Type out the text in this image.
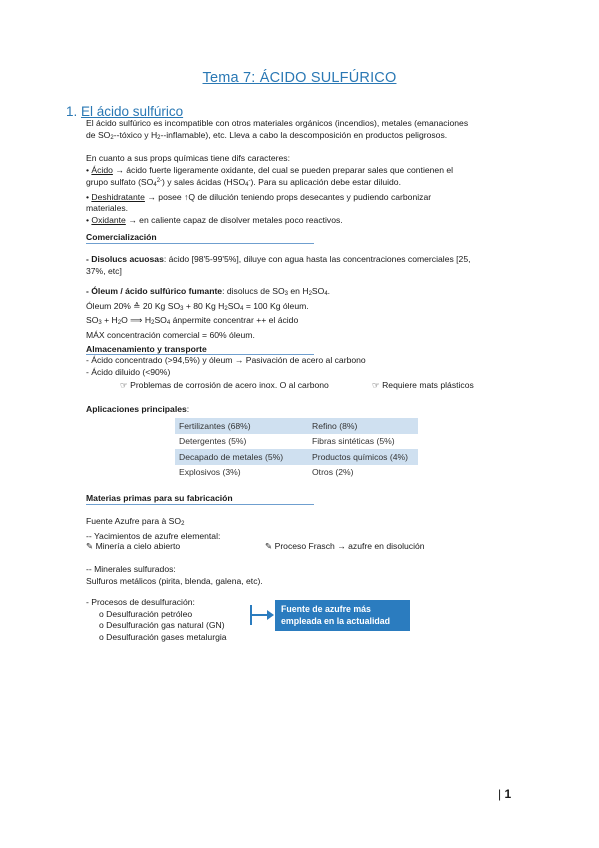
Tema 7: ÁCIDO SULFÚRICO
1. El ácido sulfúrico
El ácido sulfúrico es incompatible con otros materiales orgánicos (incendios), metales (emanaciones
de SO2--tóxico y H2--inflamable), etc. Lleva a cabo la descomposición en productos peligrosos.
En cuanto a sus props químicas tiene difs caracteres:
• Ácido → ácido fuerte ligeramente oxidante, del cual se pueden preparar sales que contienen el
grupo sulfato $(SO4^{2-})$ y sales ácidas (HSO4-). Para su aplicación debe estar diluido.
• Deshidratante → posee ↑Q de dilución teniendo props desecantes y pudiendo carbonizar
materiales.
• Oxidante → en caliente capaz de disolver metales poco reactivos.
Comercialización
- Disolucs acuosas: ácido [98'5-99'5%], diluye con agua hasta las concentraciones comerciales [25,
37%, etc]
- Óleum / ácido sulfúrico fumante: disolucs de SO3 en H2SO4.
Óleum 20% ≙ 20 Kg SO3 + 80 Kg H2SO4 = 100 Kg óleum.
SO3 + H2O ⟹ H2SO4 ánpermite concentrar ++ el ácido
MÁX concentración comercial = 60% óleum.
Almacenamiento y transporte
- Ácido concentrado (>94,5%) y óleum → Pasivación de acero al carbono
- Ácido diluido (<90%)
☞ Problemas de corrosión de acero inox. O al carbono	☞ Requiere mats plásticos
Aplicaciones principales:
Fertilizantes (68%)	Refino (8%)
Detergentes (5%)	Fibras sintéticas (5%)
Decapado de metales (5%)	Productos químicos (4%)
Explosivos (3%)	Otros (2%)
Materias primas para su fabricación
Fuente Azufre para à SO2
-- Yacimientos de azufre elemental:
✎ Minería a cielo abierto	✎ Proceso Frasch → azufre en disolución
-- Minerales sulfurados:
Sulfuros metálicos (pirita, blenda, galena, etc).
- Procesos de desulfuración:
o Desulfuración petróleo
o Desulfuración gas natural (GN)
o Desulfuración gases metalurgia
Fuente de azufre más empleada en la actualidad
| 1
